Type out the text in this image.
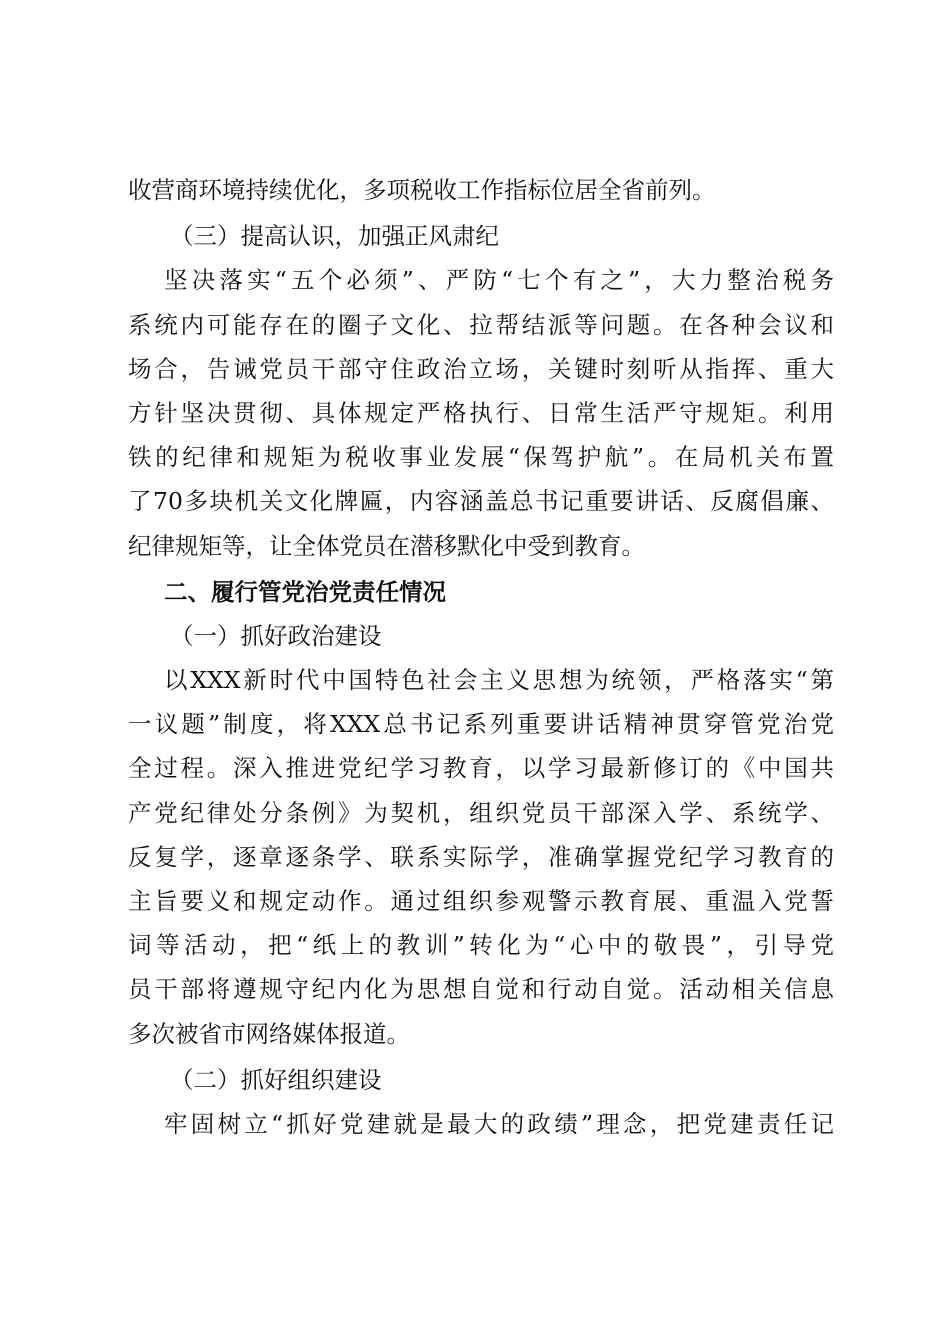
收营商环境持续优化，多项税收工作指标位居全省前列。
（三）提高认识，加强正风肃纪
坚决落实“五个必须”、严防“七个有之”，大力整治税务
系统内可能存在的圈子文化、拉帮结派等问题。在各种会议和
场合，告诫党员干部守住政治立场，关键时刻听从指挥、重大
方针坚决贯彻、具体规定严格执行、日常生活严守规矩。利用
铁的纪律和规矩为税收事业发展“保驾护航”。在局机关布置
了70多块机关文化牌匾，内容涵盖总书记重要讲话、反腐倡廉、
纪律规矩等，让全体党员在潜移默化中受到教育。
二、履行管党治党责任情况
（一）抓好政治建设
以XXX新时代中国特色社会主义思想为统领，严格落实“第
一议题”制度，将XXX总书记系列重要讲话精神贯穿管党治党
全过程。深入推进党纪学习教育，以学习最新修订的《中国共
产党纪律处分条例》为契机，组织党员干部深入学、系统学、
反复学，逐章逐条学、联系实际学，准确掌握党纪学习教育的
主旨要义和规定动作。通过组织参观警示教育展、重温入党誓
词等活动，把“纸上的教训”转化为“心中的敬畏”，引导党
员干部将遵规守纪内化为思想自觉和行动自觉。活动相关信息
多次被省市网络媒体报道。
（二）抓好组织建设
牢固树立“抓好党建就是最大的政绩”理念，把党建责任记
